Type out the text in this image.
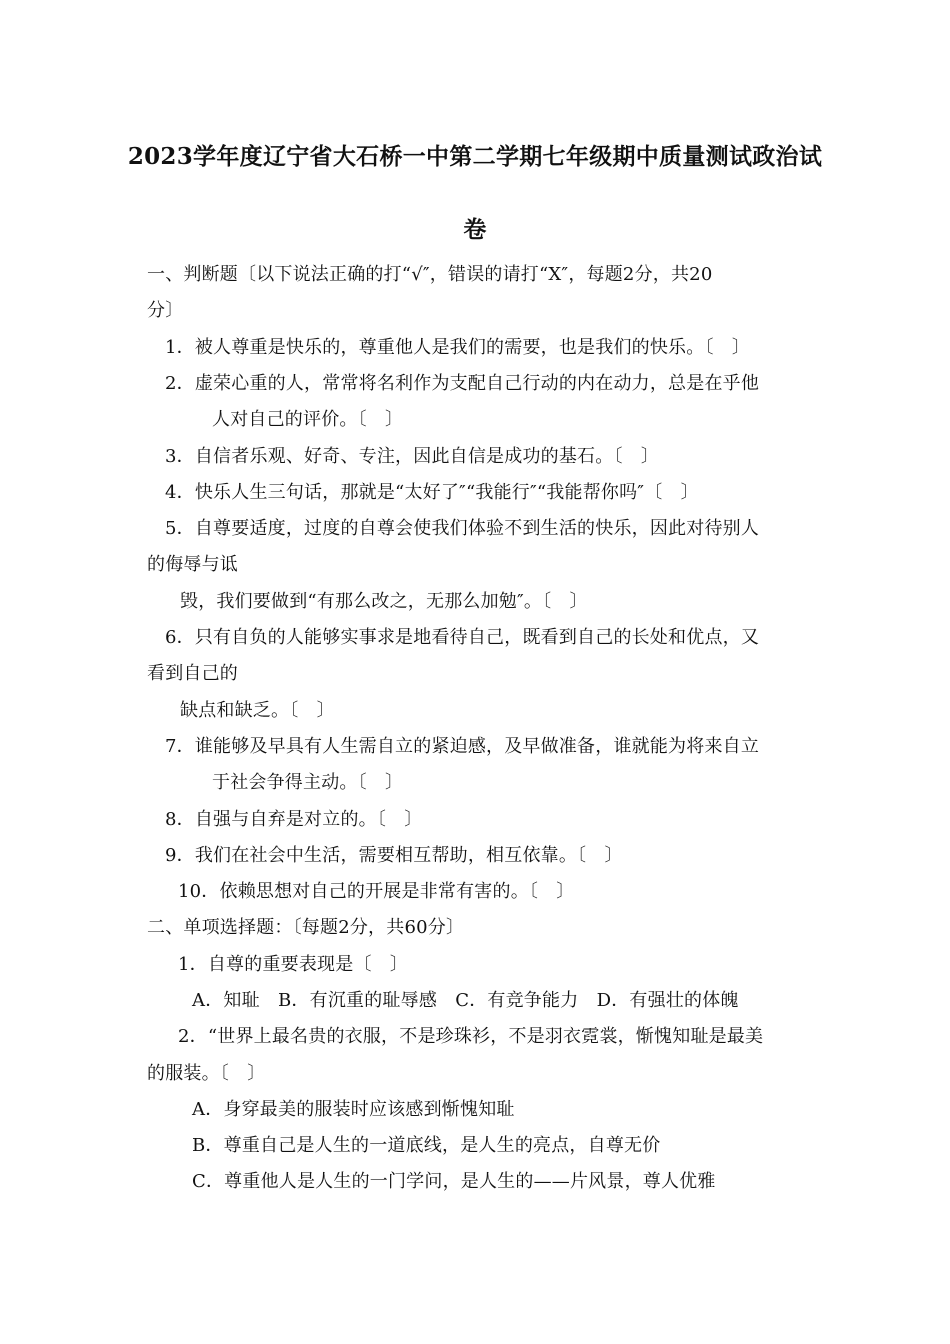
2023学年度辽宁省大石桥一中第二学期七年级期中质量测试政治试
卷
一、判断题〔以下说法正确的打“√″，错误的请打“X″，每题2分，共20
分〕
1．被人尊重是快乐的，尊重他人是我们的需要，也是我们的快乐。〔　〕
2．虚荣心重的人，常常将名利作为支配自己行动的内在动力，总是在乎他
人对自己的评价。〔　〕
3．自信者乐观、好奇、专注，因此自信是成功的基石。〔　〕
4．快乐人生三句话，那就是“太好了″“我能行″“我能帮你吗″〔　〕
5．自尊要适度，过度的自尊会使我们体验不到生活的快乐，因此对待别人
的侮辱与诋
毁，我们要做到“有那么改之，无那么加勉″。〔　〕
6．只有自负的人能够实事求是地看待自己，既看到自己的长处和优点，又
看到自己的
缺点和缺乏。〔　〕
7．谁能够及早具有人生需自立的紧迫感，及早做准备，谁就能为将来自立
于社会争得主动。〔　〕
8．自强与自弃是对立的。〔　〕
9．我们在社会中生活，需要相互帮助，相互依靠。〔　〕
10．依赖思想对自己的开展是非常有害的。〔　〕
二、单项选择题：〔每题2分，共60分〕
1．自尊的重要表现是〔　〕
A．知耻　B．有沉重的耻辱感　C．有竞争能力　D．有强壮的体魄
2．“世界上最名贵的衣服，不是珍珠衫，不是羽衣霓裳，惭愧知耻是最美
的服装。〔　〕
A．身穿最美的服装时应该感到惭愧知耻
B．尊重自己是人生的一道底线，是人生的亮点，自尊无价
C．尊重他人是人生的一门学问，是人生的——片风景，尊人优雅
